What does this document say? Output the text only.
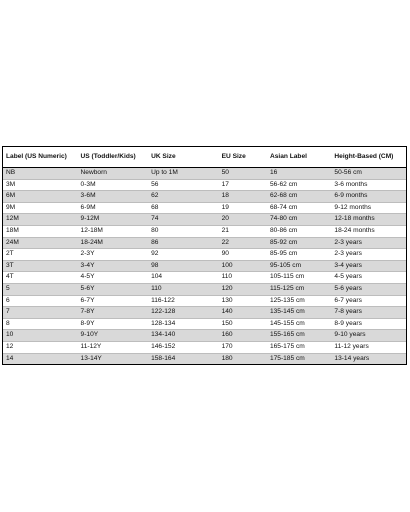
Label (US Numeric)	US (Toddler/Kids)	UK Size	EU Size	Asian Label	Height-Based (CM)
NB	Newborn	Up to 1M	50	16	50-56 cm
3M	0-3M	56	17	56-62 cm	3-6 months
6M	3-6M	62	18	62-68 cm	6-9 months
9M	6-9M	68	19	68-74 cm	9-12 months
12M	9-12M	74	20	74-80 cm	12-18 months
18M	12-18M	80	21	80-86 cm	18-24 months
24M	18-24M	86	22	85-92 cm	2-3 years
2T	2-3Y	92	90	85-95 cm	2-3 years
3T	3-4Y	98	100	95-105 cm	3-4 years
4T	4-5Y	104	110	105-115 cm	4-5 years
5	5-6Y	110	120	115-125 cm	5-6 years
6	6-7Y	116-122	130	125-135 cm	6-7 years
7	7-8Y	122-128	140	135-145 cm	7-8 years
8	8-9Y	128-134	150	145-155 cm	8-9 years
10	9-10Y	134-140	160	155-165 cm	9-10 years
12	11-12Y	146-152	170	165-175 cm	11-12 years
14	13-14Y	158-164	180	175-185 cm	13-14 years
